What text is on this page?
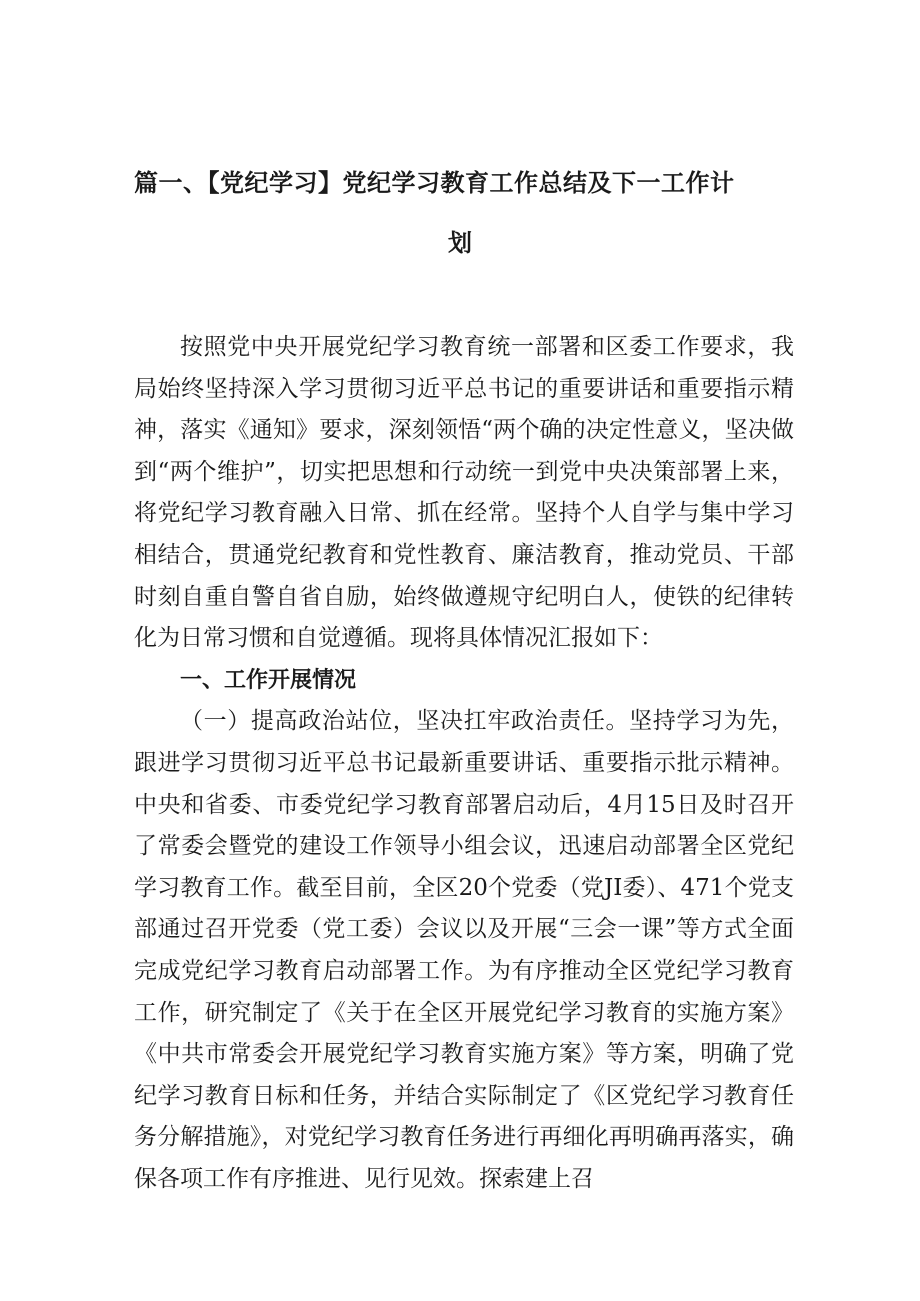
篇一、【党纪学习】党纪学习教育工作总结及下一工作计
划

按照党中央开展党纪学习教育统一部署和区委工作要求，我局始终坚持深入学习贯彻习近平总书记的重要讲话和重要指示精神，落实《通知》要求，深刻领悟“两个确的决定性意义，坚决做到“两个维护”，切实把思想和行动统一到党中央决策部署上来，将党纪学习教育融入日常、抓在经常。坚持个人自学与集中学习相结合，贯通党纪教育和党性教育、廉洁教育，推动党员、干部时刻自重自警自省自励，始终做遵规守纪明白人，使铁的纪律转化为日常习惯和自觉遵循。现将具体情况汇报如下：

一、工作开展情况

（一）提高政治站位，坚决扛牢政治责任。坚持学习为先，跟进学习贯彻习近平总书记最新重要讲话、重要指示批示精神。中央和省委、市委党纪学习教育部署启动后，4月15日及时召开了常委会暨党的建设工作领导小组会议，迅速启动部署全区党纪学习教育工作。截至目前，全区20个党委（党JI委）、471个党支部通过召开党委（党工委）会议以及开展“三会一课”等方式全面完成党纪学习教育启动部署工作。为有序推动全区党纪学习教育工作，研究制定了《关于在全区开展党纪学习教育的实施方案》《中共市常委会开展党纪学习教育实施方案》等方案，明确了党纪学习教育日标和任务，并结合实际制定了《区党纪学习教育任务分解措施》，对党纪学习教育任务进行再细化再明确再落实，确保各项工作有序推进、见行见效。探索建上召
